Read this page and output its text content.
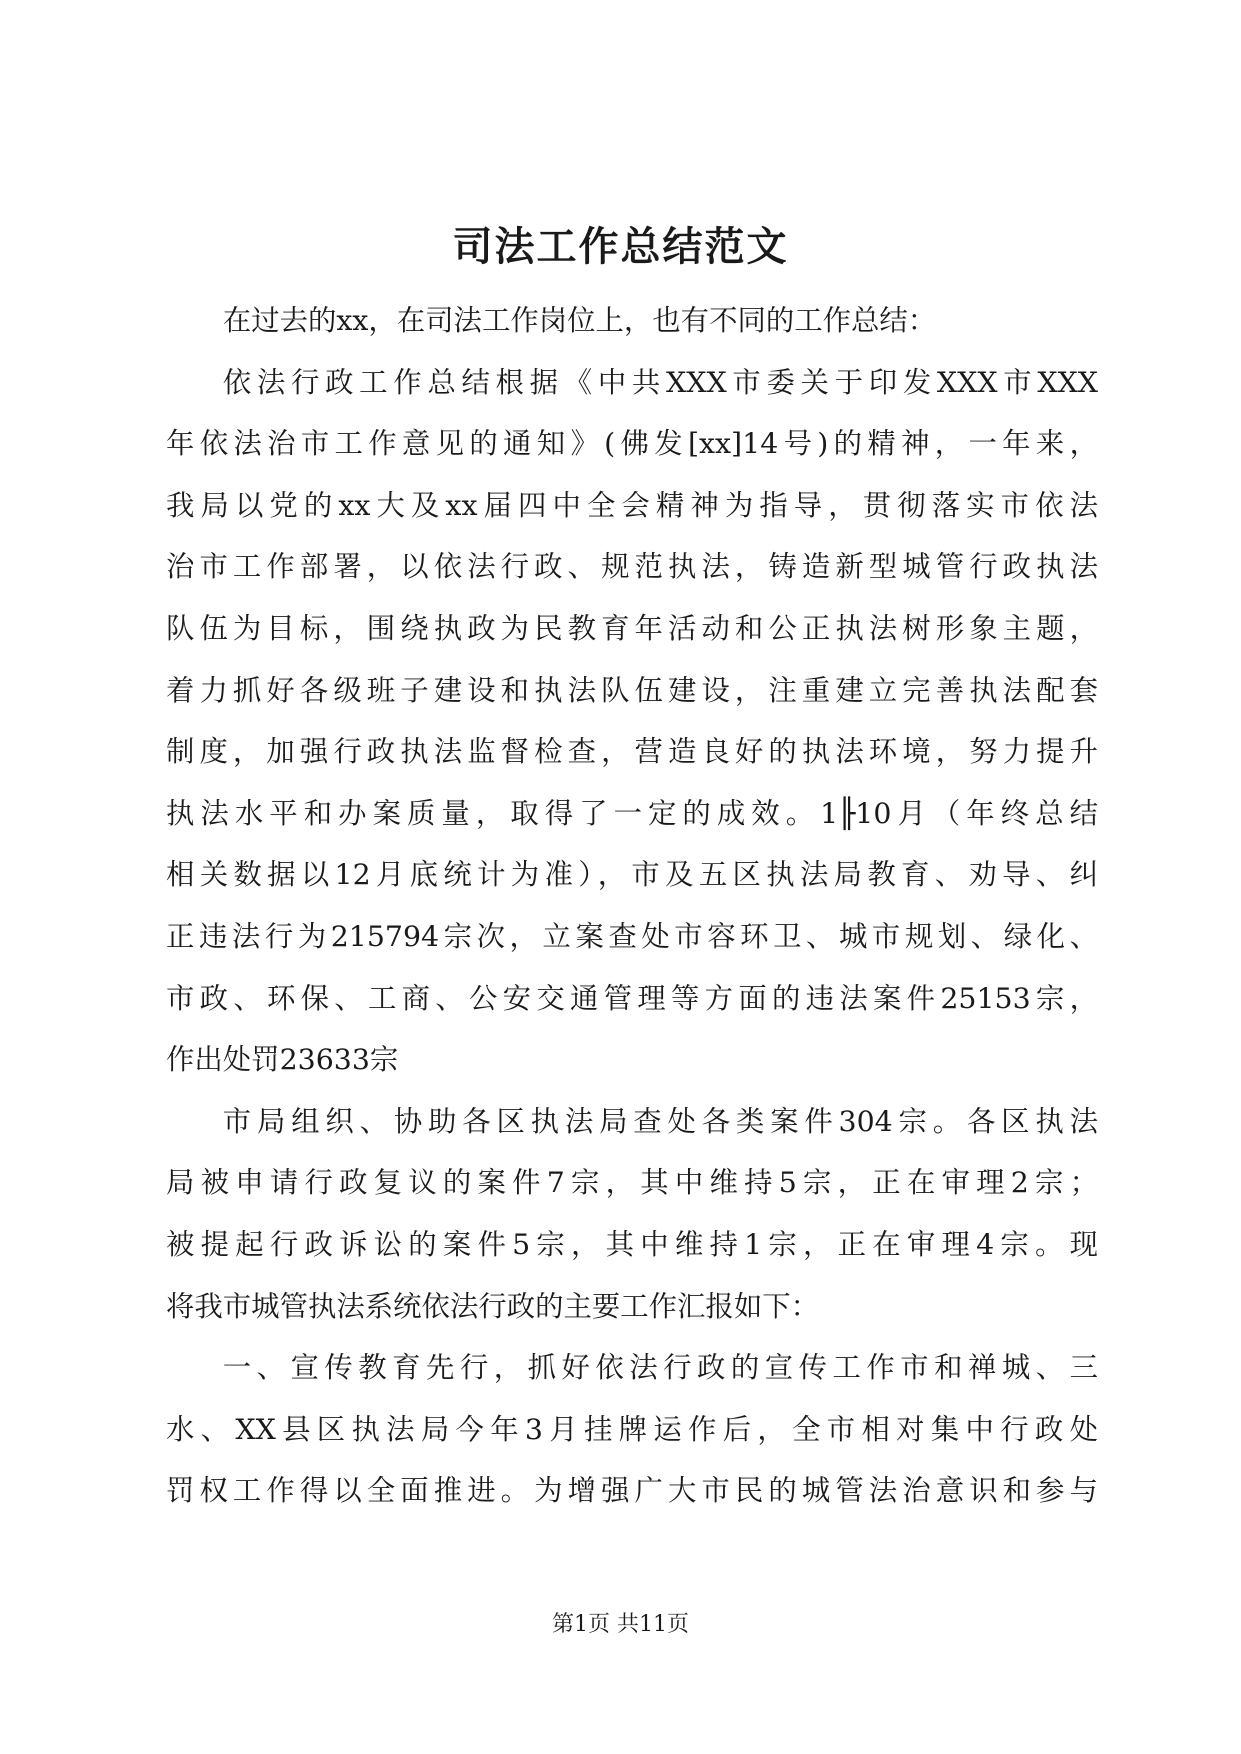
司法工作总结范文

在过去的xx，在司法工作岗位上，也有不同的工作总结：

依法行政工作总结根据《中共XXX市委关于印发XXX市XXX
年依法治市工作意见的通知》(佛发[xx]14号)的精神，一年来，
我局以党的xx大及xx届四中全会精神为指导，贯彻落实市依法
治市工作部署，以依法行政、规范执法，铸造新型城管行政执法
队伍为目标，围绕执政为民教育年活动和公正执法树形象主题，
着力抓好各级班子建设和执法队伍建设，注重建立完善执法配套
制度，加强行政执法监督检查，营造良好的执法环境，努力提升
执法水平和办案质量，取得了一定的成效。1╟10月（年终总结
相关数据以12月底统计为准），市及五区执法局教育、劝导、纠
正违法行为215794宗次，立案查处市容环卫、城市规划、绿化、
市政、环保、工商、公安交通管理等方面的违法案件25153宗，
作出处罚23633宗

市局组织、协助各区执法局查处各类案件304宗。各区执法
局被申请行政复议的案件7宗，其中维持5宗，正在审理2宗；
被提起行政诉讼的案件5宗，其中维持1宗，正在审理4宗。现
将我市城管执法系统依法行政的主要工作汇报如下：

一、宣传教育先行，抓好依法行政的宣传工作市和禅城、三
水、XX县区执法局今年3月挂牌运作后，全市相对集中行政处
罚权工作得以全面推进。为增强广大市民的城管法治意识和参与

第1页 共11页
